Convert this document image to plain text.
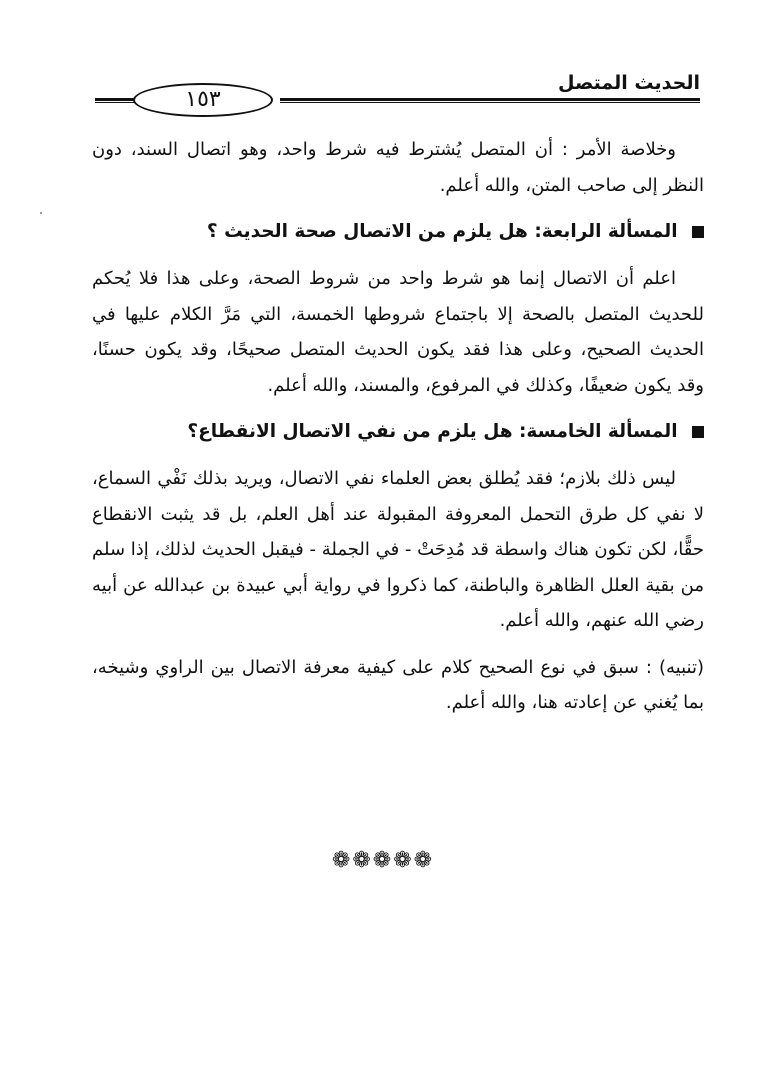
الحديث المتصل
١٥٣

وخلاصة الأمر : أن المتصل يُشترط فيه شرط واحد، وهو اتصال السند، دون النظر إلى صاحب المتن، والله أعلم.

المسألة الرابعة: هل يلزم من الاتصال صحة الحديث ؟

اعلم أن الاتصال إنما هو شرط واحد من شروط الصحة، وعلى هذا فلا يُحكم للحديث المتصل بالصحة إلا باجتماع شروطها الخمسة، التي مَرَّ الكلام عليها في الحديث الصحيح، وعلى هذا فقد يكون الحديث المتصل صحيحًا، وقد يكون حسنًا، وقد يكون ضعيفًا، وكذلك في المرفوع، والمسند، والله أعلم.

المسألة الخامسة: هل يلزم من نفي الاتصال الانقطاع؟

ليس ذلك بلازم؛ فقد يُطلق بعض العلماء نفي الاتصال، ويريد بذلك نَفْي السماع، لا نفي كل طرق التحمل المعروفة المقبولة عند أهل العلم، بل قد يثبت الانقطاع حقًّا، لكن تكون هناك واسطة قد مُدِحَتْ - في الجملة - فيقبل الحديث لذلك، إذا سلم من بقية العلل الظاهرة والباطنة، كما ذكروا في رواية أبي عبيدة بن عبدالله عن أبيه رضي الله عنهم، والله أعلم.

(تنبيه) : سبق في نوع الصحيح كلام على كيفية معرفة الاتصال بين الراوي وشيخه، بما يُغني عن إعادته هنا، والله أعلم.

❁❁❁❁❁
